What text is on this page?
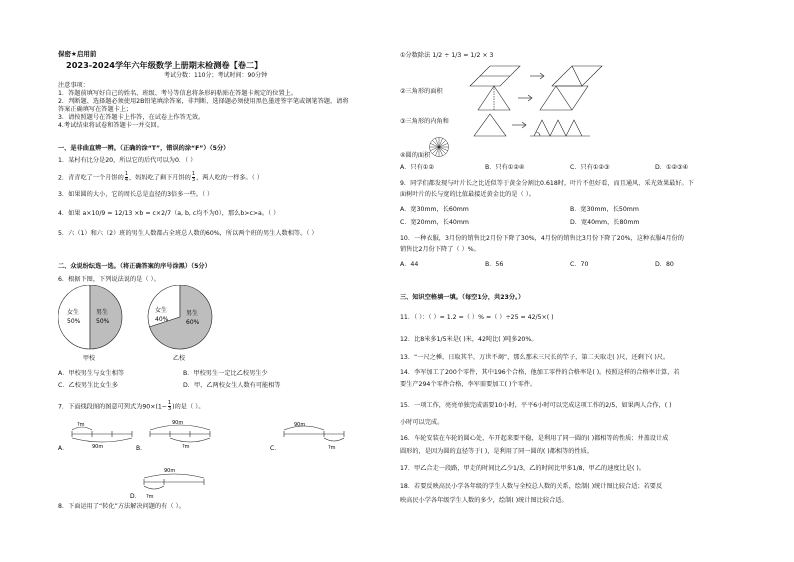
保密★启用前
2023-2024学年六年级数学上册期末检测卷【卷二】
考试分数：110分；考试时间：90分钟
注意事项：
1．答题前填写好自己的姓名、班级、考号等信息将条形码粘贴在答题卡规定的位置上。
2．判断题、选择题必须使用2B铅笔填涂答案，非判断、选择题必须使用黑色墨迹签字笔或钢笔答题，请将
答案正确填写在答题卡上；
3．请按照题号在答题卡上作答，在试卷上作答无效。
4.考试结束将试卷和答题卡一并交回。
一、是非曲直辨一辨。（正确的涂“T”，错误的涂“F”）（5分）
1．某村有比分是20，所以它的后代可以为0．（ ）
2．青青吃了一个月饼的 $\frac{1}{4}$ ，妈妈吃了剩下月饼的 $\frac{1}{3}$ ，两人吃的一样多。（ ）
3．如果圆的大小，它的周长总是直径的3倍多一些。（ ）
4．如果 a×10/9 = 12/13 ×b = c×2/7（a, b, c均不为0），那么b>c>a。（ ）
5．六（1）和六（2）班的男生人数都占全班总人数的60%，所以两个班的男生人数相等。（ ）
二、众说纷纭选一选。（将正确答案的序号涂黑）（5分）
6．根据下图，下列说法说的是（ ）。
女生
50%
男生
50%
甲校
女生
40%
男生
60%
乙校
A．甲校男生与女生相等	B．甲校男生一定比乙校男生少
C．乙校男生比女生多	D．甲、乙两校女生人数有可能相等
7．下面线段图的图意可列式为$90\times(1- \frac{1}{3}$ )的是（ ）。
A．
?m
90m	B．
90m
?m	C．
90m
?m
D．
90m
?m
8．下面运用了“转化”方法解决问题的有（ ）。
①分数除法 1/2 ÷ 1/3 = 1/2 × 3
②三角形的面积
③三角形的内角和
④圆的面积
A．只有①②	B．只有①②④	C．只有①②③	D．①②③④
9．同学们都发现与叶片长之比近似等于黄金分割比0.618时，叶片不但好看，而且通风、采光效果最好。下
面树叶片的长与宽的比值最接近黄金比的是（ ）。
A．宽30mm，长60mm	B．宽30mm，长50mm
C．宽20mm，长40mm	D．宽40mm，长80mm
10．一种衣服，3月份的销售比2月份下降了30%，4月份的销售比3月份下降了20%，这种衣服4月份的
销售比2月份下降了（ ）%。
A．44	B．56	C．70	D．80
三、知识空格填一填。（每空1分，共23分。）
11．（ ）：（ ）= 1.2 =（ ）% =（ ）÷25 = 42/5×( )
12．比8米多1/5米是( )米，42吨比( )吨多20%。
13．“一尺之棰，日取其半，万世不竭”，那么那未三尺长的竿子，第二天取走( )尺，还剩下( )尺。
14．李军加工了200个零件，其中196个合格，他加工零件的合格率是( )。按照这样的合格率计算，若
要生产294个零件合格，李军需要加工( )个零件。
15．一项工作，亮亮单独完成需要10小时，平平6小时可以完成这项工作的2/5，如果两人合作，( )
小时可以完成。
16．车轮安装在车轮的圆心处，车开起来要平稳，是利用了同一圆的( )都相等的性质；井盖设计成
圆形的，是因为圆的直径等于( )，是利用了同一圆的( )都相等的性质。
17．甲乙合走一段路，甲走的时间比乙少1/3，乙的时间比甲多1/8，甲乙的速度比是( )。
18．若要反映高民小学各年级的学生人数与全校总人数的关系，绘制( )统计图比较合适；若要反
映高民小学各年级学生人数的多少，绘制( )统计图比较合适。
